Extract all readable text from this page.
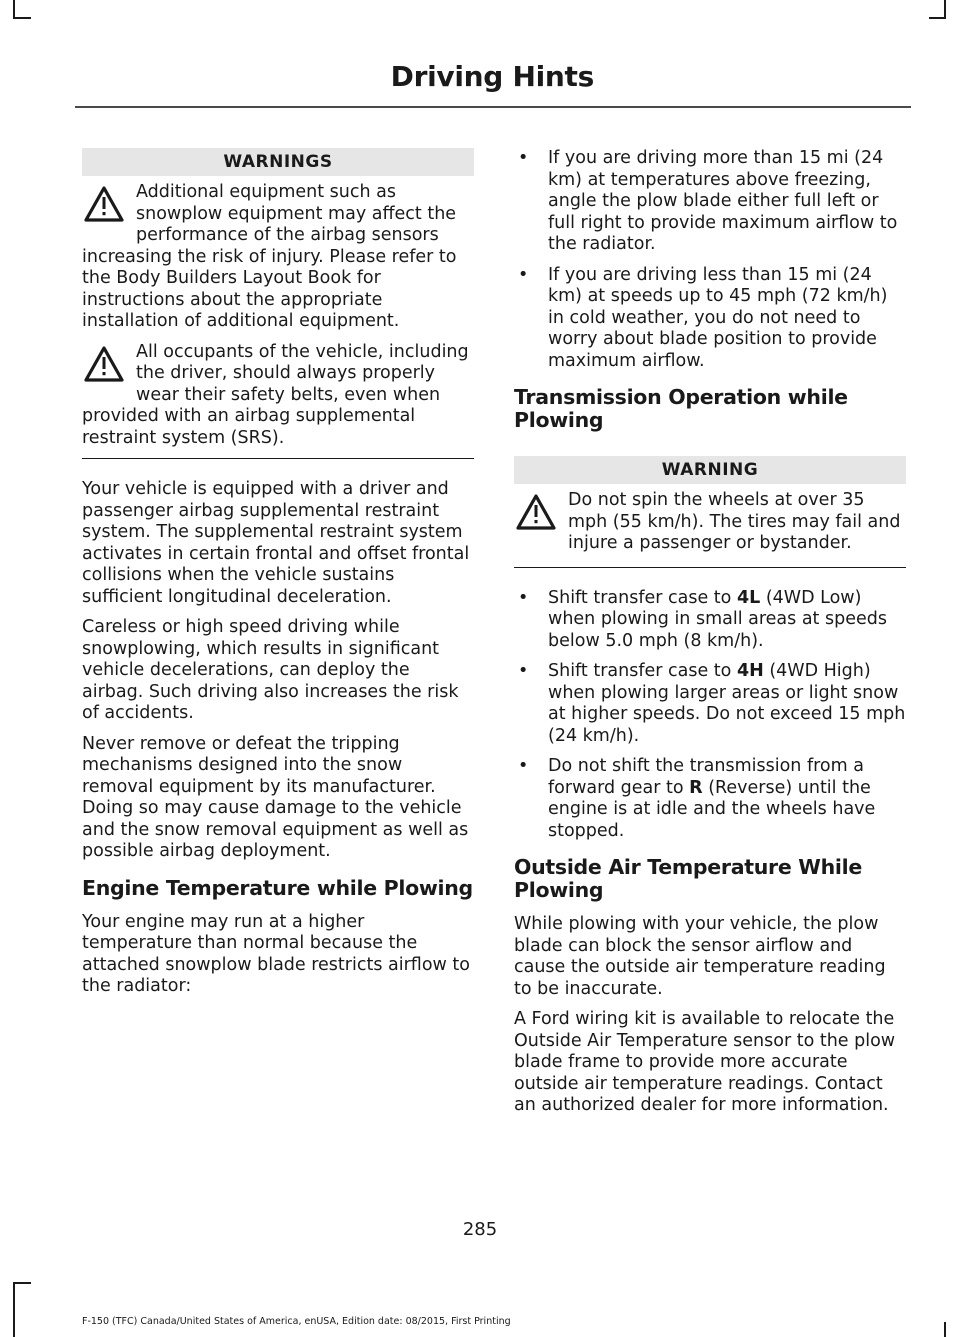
Driving Hints
WARNINGS
Additional equipment such as snowplow equipment may affect the performance of the airbag sensors increasing the risk of injury. Please refer to the Body Builders Layout Book for instructions about the appropriate installation of additional equipment.
All occupants of the vehicle, including the driver, should always properly wear their safety belts, even when provided with an airbag supplemental restraint system (SRS).

Your vehicle is equipped with a driver and passenger airbag supplemental restraint system. The supplemental restraint system activates in certain frontal and offset frontal collisions when the vehicle sustains sufficient longitudinal deceleration.

Careless or high speed driving while snowplowing, which results in significant vehicle decelerations, can deploy the airbag. Such driving also increases the risk of accidents.

Never remove or defeat the tripping mechanisms designed into the snow removal equipment by its manufacturer. Doing so may cause damage to the vehicle and the snow removal equipment as well as possible airbag deployment.

Engine Temperature while Plowing

Your engine may run at a higher temperature than normal because the attached snowplow blade restricts airflow to the radiator:

• If you are driving more than 15 mi (24 km) at temperatures above freezing, angle the plow blade either full left or full right to provide maximum airflow to the radiator.
• If you are driving less than 15 mi (24 km) at speeds up to 45 mph (72 km/h) in cold weather, you do not need to worry about blade position to provide maximum airflow.
Transmission Operation while Plowing
WARNING
Do not spin the wheels at over 35 mph (55 km/h). The tires may fail and injure a passenger or bystander.
• Shift transfer case to 4L (4WD Low) when plowing in small areas at speeds below 5.0 mph (8 km/h).
• Shift transfer case to 4H (4WD High) when plowing larger areas or light snow at higher speeds. Do not exceed 15 mph (24 km/h).
• Do not shift the transmission from a forward gear to R (Reverse) until the engine is at idle and the wheels have stopped.
Outside Air Temperature While Plowing

While plowing with your vehicle, the plow blade can block the sensor airflow and cause the outside air temperature reading to be inaccurate.

A Ford wiring kit is available to relocate the Outside Air Temperature sensor to the plow blade frame to provide more accurate outside air temperature readings. Contact an authorized dealer for more information.

285
F-150 (TFC) Canada/United States of America, enUSA, Edition date: 08/2015, First Printing
